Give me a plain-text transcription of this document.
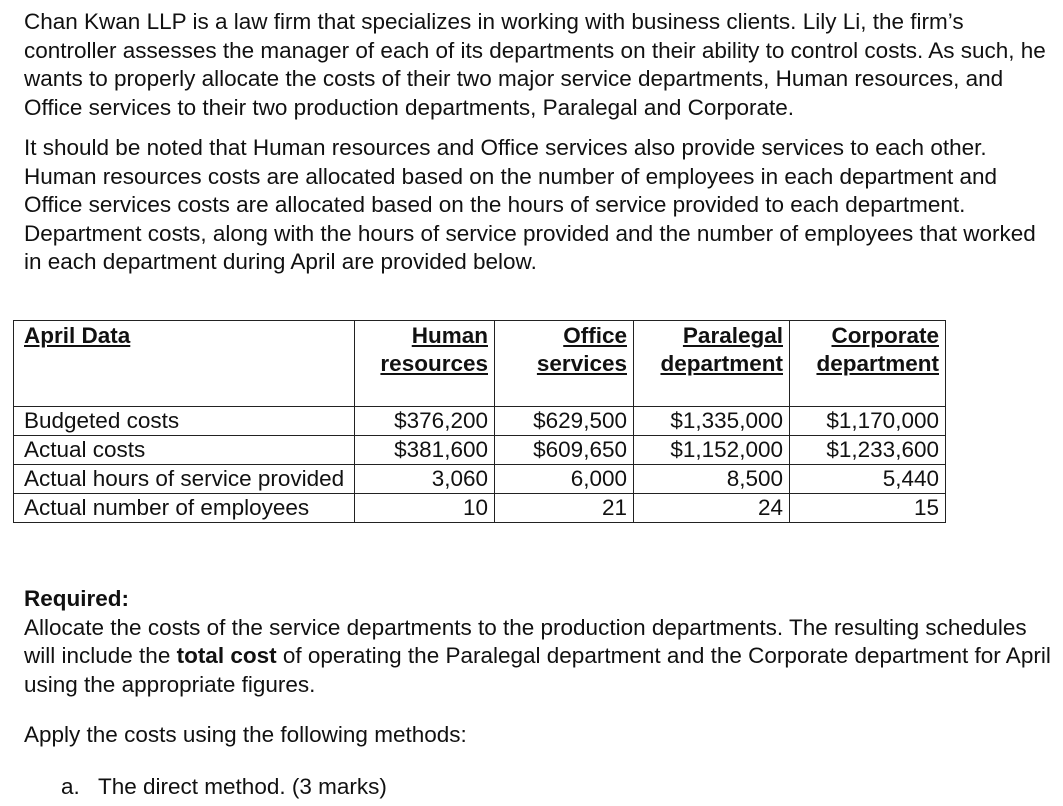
Chan Kwan LLP is a law firm that specializes in working with business clients. Lily Li, the firm’s controller assesses the manager of each of its departments on their ability to control costs. As such, he wants to properly allocate the costs of their two major service departments, Human resources, and Office services to their two production departments, Paralegal and Corporate.

It should be noted that Human resources and Office services also provide services to each other. Human resources costs are allocated based on the number of employees in each department and Office services costs are allocated based on the hours of service provided to each department. Department costs, along with the hours of service provided and the number of employees that worked in each department during April are provided below.

April Data	Human resources	Office services	Paralegal department	Corporate department
Budgeted costs	$376,200	$629,500	$1,335,000	$1,170,000
Actual costs	$381,600	$609,650	$1,152,000	$1,233,600
Actual hours of service provided	3,060	6,000	8,500	5,440
Actual number of employees	10	21	24	15
Required:
Allocate the costs of the service departments to the production departments. The resulting schedules will include the total cost of operating the Paralegal department and the Corporate department for April using the appropriate figures.

Apply the costs using the following methods:

a. The direct method. (3 marks)
